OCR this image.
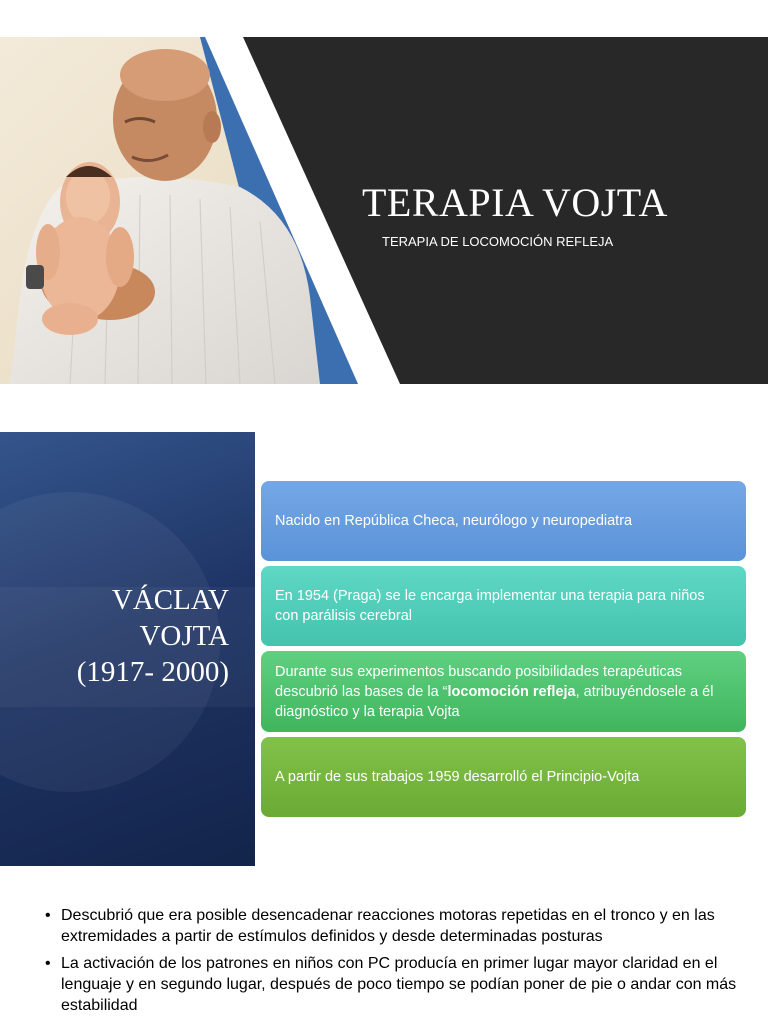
TERAPIA VOJTA
TERAPIA DE LOCOMOCIÓN REFLEJA
VÁCLAV
VOJTA
(1917- 2000)
Nacido en República Checa, neurólogo y neuropediatra
En 1954 (Praga) se le encarga implementar una terapia para niños con parálisis cerebral
Durante sus experimentos buscando posibilidades terapéuticas descubrió las bases de la “locomoción refleja, atribuyéndosele a él diagnóstico y la terapia Vojta
A partir de sus trabajos 1959 desarrolló el Principio-Vojta
• Descubrió que era posible desencadenar reacciones motoras repetidas en el tronco y en las extremidades a partir de estímulos definidos y desde determinadas posturas
• La activación de los patrones en niños con PC producía en primer lugar mayor claridad en el lenguaje y en segundo lugar, después de poco tiempo se podían poner de pie o andar con más estabilidad
